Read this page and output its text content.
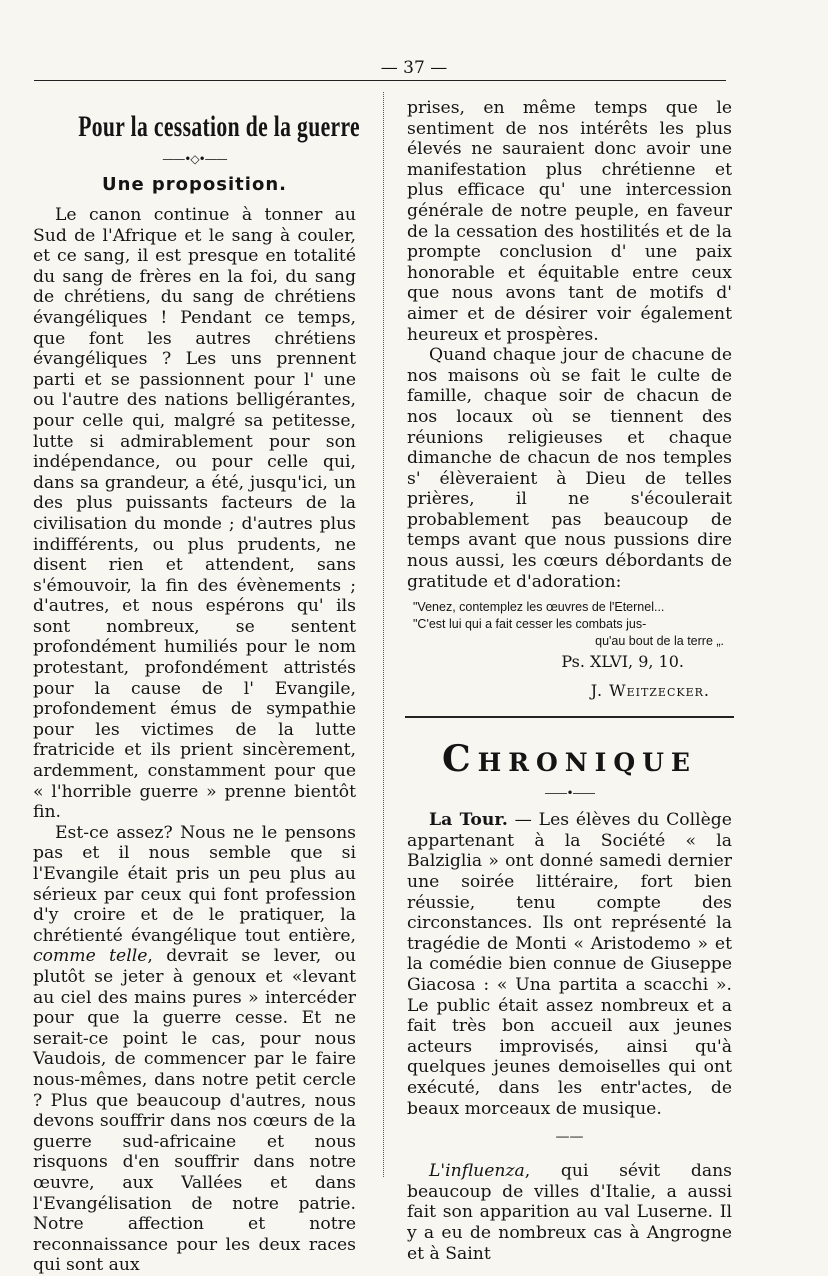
— 37 —
Pour la cessation de la guerre
——•◇•——
Une proposition.

Le canon continue à tonner au Sud de l'Afrique et le sang à couler, et ce sang, il est presque en totalité du sang de frères en la foi, du sang de chrétiens, du sang de chrétiens évangéliques ! Pendant ce temps, que font les autres chrétiens évangéliques ? Les uns prennent parti et se passionnent pour l' une ou l'autre des nations belligérantes, pour celle qui, malgré sa petitesse, lutte si admirablement pour son indépendance, ou pour celle qui, dans sa grandeur, a été, jusqu'ici, un des plus puissants facteurs de la civilisation du monde ; d'autres plus indifférents, ou plus prudents, ne disent rien et attendent, sans s'émouvoir, la fin des évènements ; d'autres, et nous espérons qu' ils sont nombreux, se sentent profondément humiliés pour le nom protestant, profondément attristés pour la cause de l' Evangile, profondement émus de sympathie pour les victimes de la lutte fratricide et ils prient sincèrement, ardemment, constamment pour que « l'horrible guerre » prenne bientôt fin.

Est-ce assez? Nous ne le pensons pas et il nous semble que si l'Evangile était pris un peu plus au sérieux par ceux qui font profession d'y croire et de le pratiquer, la chrétienté évangélique tout entière, comme telle, devrait se lever, ou plutôt se jeter à genoux et «levant au ciel des mains pures » intercéder pour que la guerre cesse. Et ne serait-ce point le cas, pour nous Vaudois, de commencer par le faire nous-mêmes, dans notre petit cercle ? Plus que beaucoup d'autres, nous devons souffrir dans nos cœurs de la guerre sud-africaine et nous risquons d'en souffrir dans notre œuvre, aux Vallées et dans l'Evangélisation de notre patrie. Notre affection et notre reconnaissance pour les deux races qui sont aux

prises, en même temps que le sentiment de nos intérêts les plus élevés ne sauraient donc avoir une manifestation plus chrétienne et plus efficace qu' une intercession générale de notre peuple, en faveur de la cessation des hostilités et de la prompte conclusion d' une paix honorable et équitable entre ceux que nous avons tant de motifs d' aimer et de désirer voir également heureux et prospères.

Quand chaque jour de chacune de nos maisons où se fait le culte de famille, chaque soir de chacun de nos locaux où se tiennent des réunions religieuses et chaque dimanche de chacun de nos temples s' élèveraient à Dieu de telles prières, il ne s'écoulerait probablement pas beaucoup de temps avant que nous pussions dire nous aussi, les cœurs débordants de gratitude et d'adoration:

"Venez, contemplez les œuvres de l'Eternel...
"C'est lui qui a fait cesser les combats jus-
qu'au bout de la terre „.
Ps. XLVI, 9, 10.
J. Weitzecker.
Chronique
——•——

La Tour. — Les élèves du Collège appartenant à la Société « la Balziglia » ont donné samedi dernier une soirée littéraire, fort bien réussie, tenu compte des circonstances. Ils ont représenté la tragédie de Monti « Aristodemo » et la comédie bien connue de Giuseppe Giacosa : « Una partita a scacchi ». Le public était assez nombreux et a fait très bon accueil aux jeunes acteurs improvisés, ainsi qu'à quelques jeunes demoiselles qui ont exécuté, dans les entr'actes, de beaux morceaux de musique.

——

L'influenza, qui sévit dans beaucoup de villes d'Italie, a aussi fait son apparition au val Luserne. Il y a eu de nombreux cas à Angrogne et à Saint
